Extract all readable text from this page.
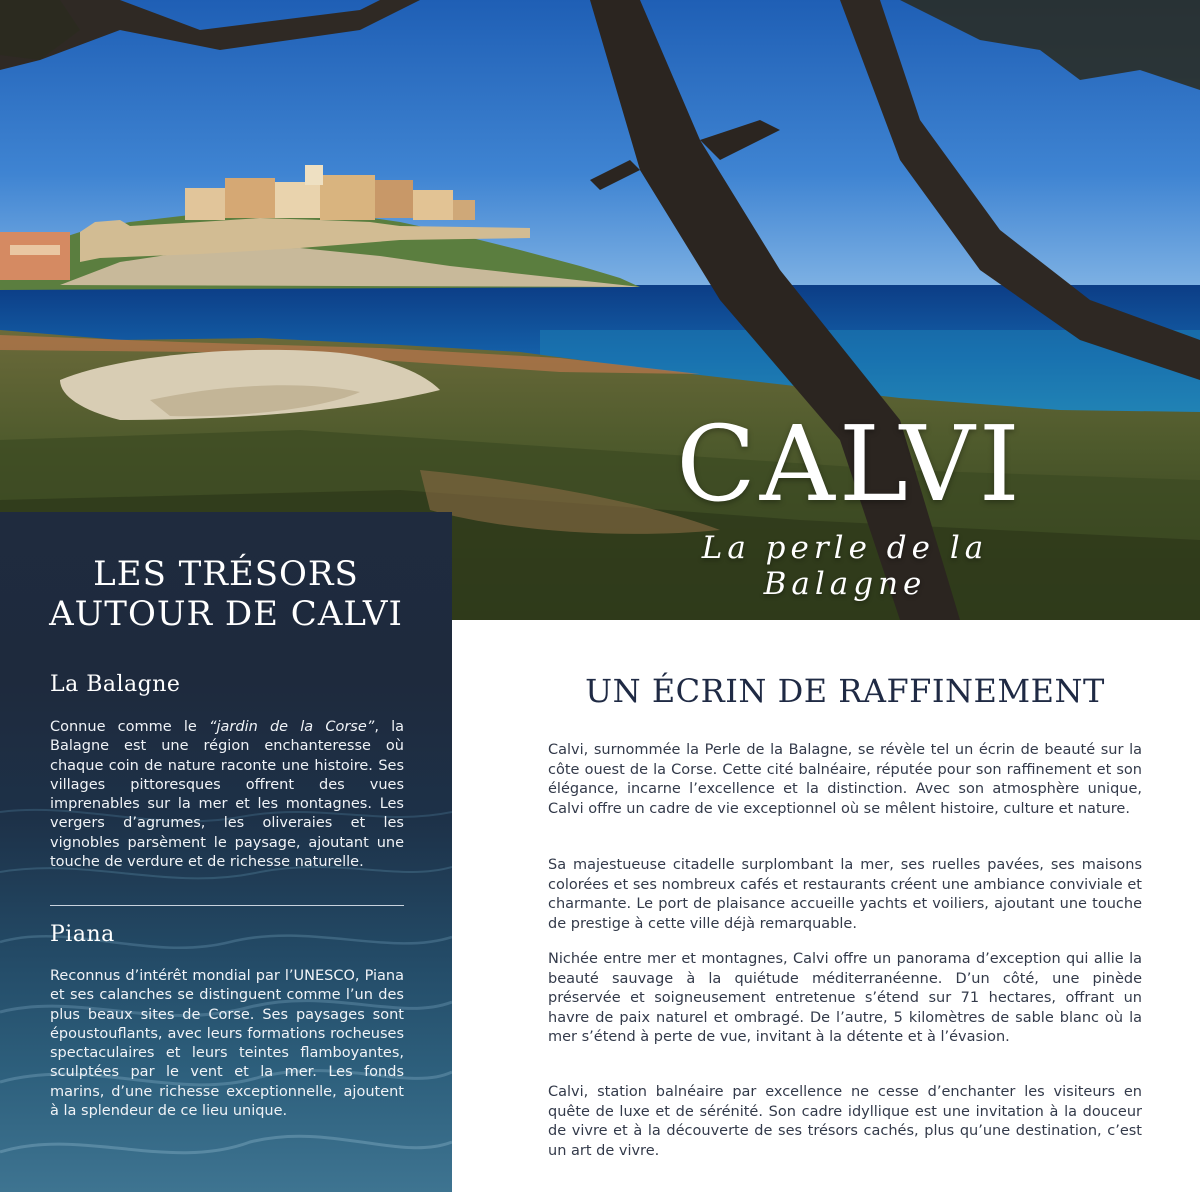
CALVI
La perle de la Balagne
LES TRÉSORS
AUTOUR DE CALVI
La Balagne
Connue comme le “jardin de la Corse”, la Balagne est une région enchanteresse où chaque coin de nature raconte une histoire. Ses villages pittoresques offrent des vues imprenables sur la mer et les montagnes. Les vergers d’agrumes, les oliveraies et les vignobles parsèment le paysage, ajoutant une touche de verdure et de richesse naturelle.
Piana
Reconnus d’intérêt mondial par l’UNESCO, Piana et ses calanches se distinguent comme l’un des plus beaux sites de Corse. Ses paysages sont époustouflants, avec leurs formations rocheuses spectaculaires et leurs teintes flamboyantes, sculptées par le vent et la mer. Les fonds marins, d’une richesse exceptionnelle, ajoutent à la splendeur de ce lieu unique.
UN ÉCRIN DE RAFFINEMENT
Calvi, surnommée la Perle de la Balagne, se révèle tel un écrin de beauté sur la côte ouest de la Corse. Cette cité balnéaire, réputée pour son raffinement et son élégance, incarne l’excellence et la distinction. Avec son atmosphère unique, Calvi offre un cadre de vie exceptionnel où se mêlent histoire, culture et nature.
Sa majestueuse citadelle surplombant la mer, ses ruelles pavées, ses maisons colorées et ses nombreux cafés et restaurants créent une ambiance conviviale et charmante. Le port de plaisance accueille yachts et voiliers, ajoutant une touche de prestige à cette ville déjà remarquable.
Nichée entre mer et montagnes, Calvi offre un panorama d’exception qui allie la beauté sauvage à la quiétude méditerranéenne. D’un côté, une pinède préservée et soigneusement entretenue s’étend sur 71 hectares, offrant un havre de paix naturel et ombragé. De l’autre, 5 kilomètres de sable blanc où la mer s’étend à perte de vue, invitant à la détente et à l’évasion.
Calvi, station balnéaire par excellence ne cesse d’enchanter les visiteurs en quête de luxe et de sérénité. Son cadre idyllique est une invitation à la douceur de vivre et à la découverte de ses trésors cachés, plus qu’une destination, c’est un art de vivre.
